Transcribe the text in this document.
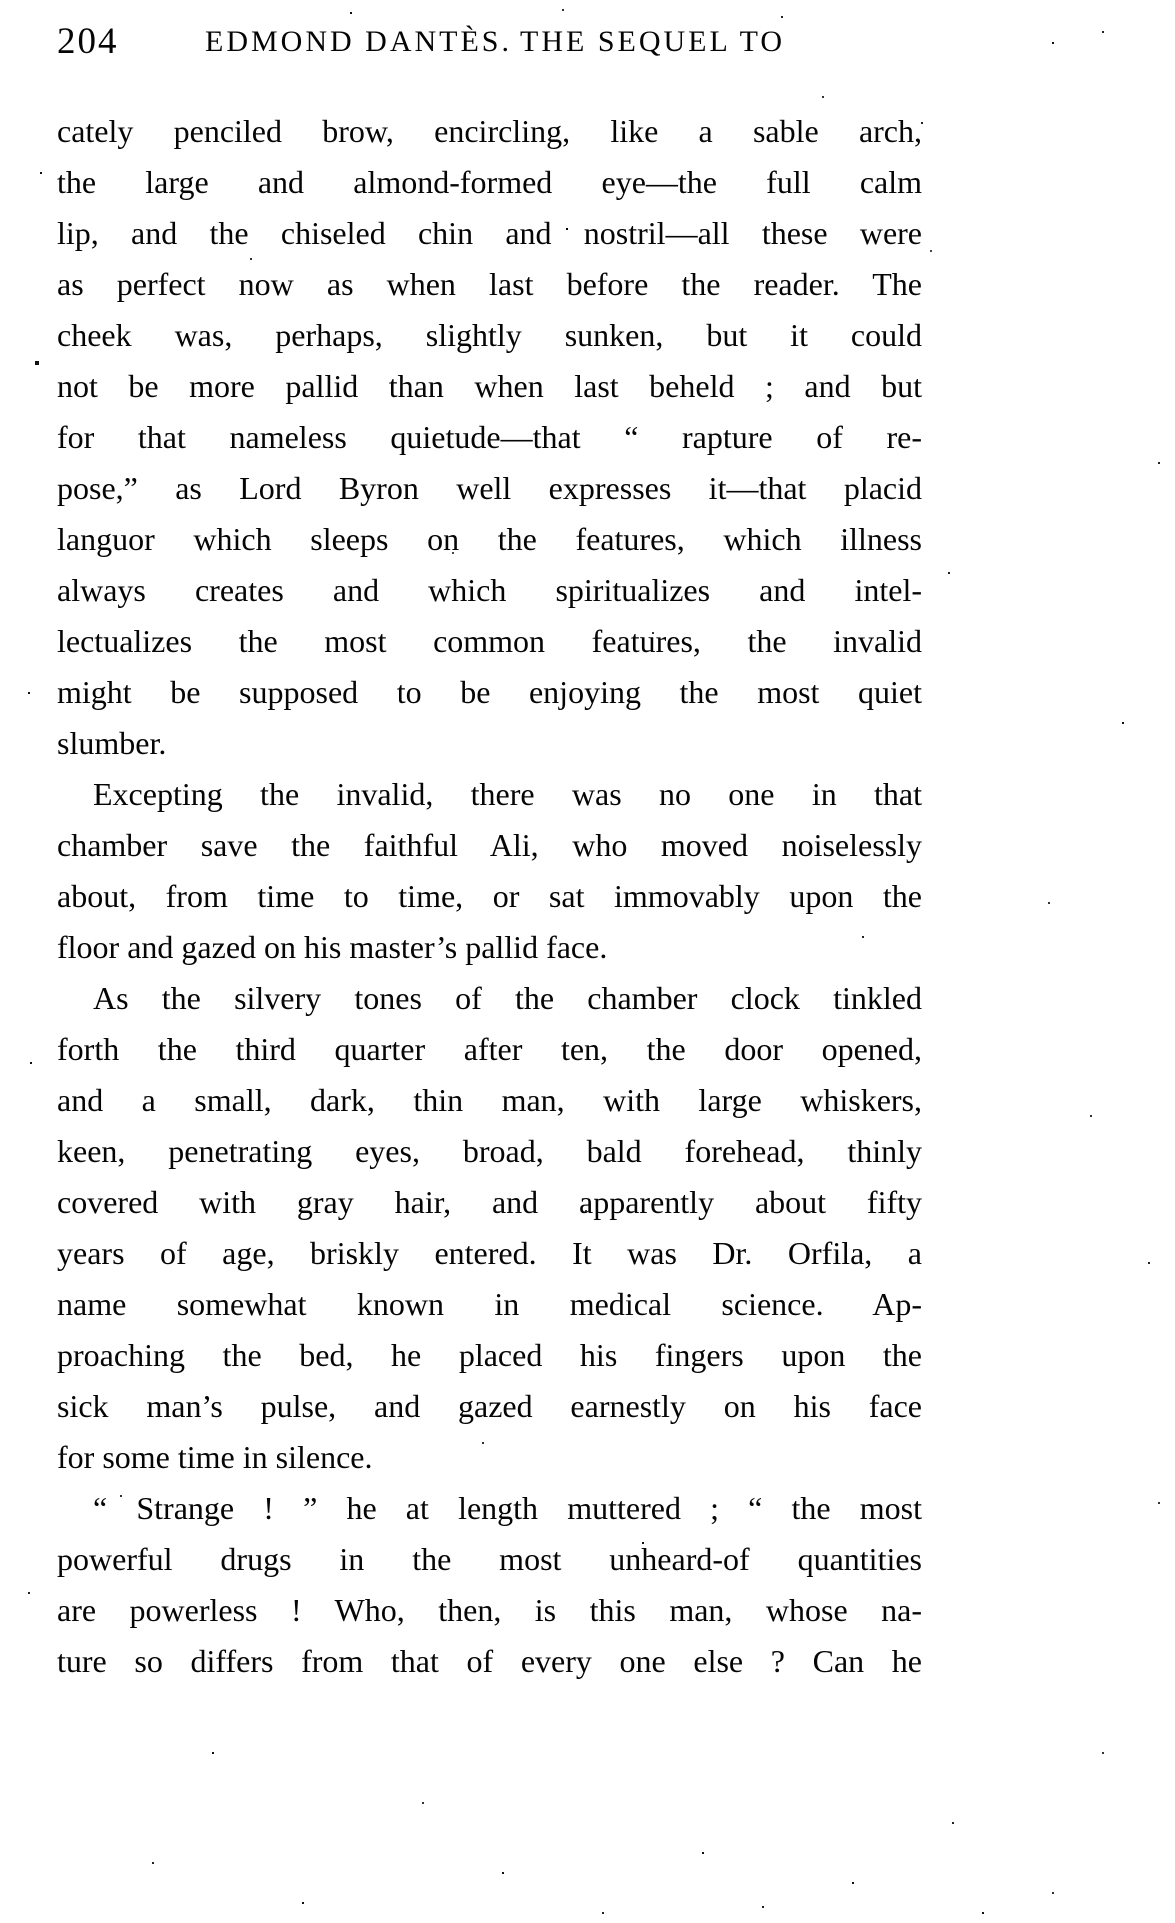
204	EDMOND DANTÈS. THE SEQUEL TO
cately penciled brow, encircling, like a sable arch,
the large and almond-formed eye—the full calm
lip, and the chiseled chin and nostril—all these were
as perfect now as when last before the reader. The
cheek was, perhaps, slightly sunken, but it could
not be more pallid than when last beheld ; and but
for that nameless quietude—that “ rapture of re-
pose,” as Lord Byron well expresses it—that placid
languor which sleeps on the features, which illness
always creates and which spiritualizes and intel-
lectualizes the most common features, the invalid
might be supposed to be enjoying the most quiet
slumber.
Excepting the invalid, there was no one in that
chamber save the faithful Ali, who moved noiselessly
about, from time to time, or sat immovably upon the
floor and gazed on his master’s pallid face.
As the silvery tones of the chamber clock tinkled
forth the third quarter after ten, the door opened,
and a small, dark, thin man, with large whiskers,
keen, penetrating eyes, broad, bald forehead, thinly
covered with gray hair, and apparently about fifty
years of age, briskly entered. It was Dr. Orfila, a
name somewhat known in medical science. Ap-
proaching the bed, he placed his fingers upon the
sick man’s pulse, and gazed earnestly on his face
for some time in silence.
“ Strange ! ” he at length muttered ; “ the most
powerful drugs in the most unheard-of quantities
are powerless ! Who, then, is this man, whose na-
ture so differs from that of every one else ? Can he
